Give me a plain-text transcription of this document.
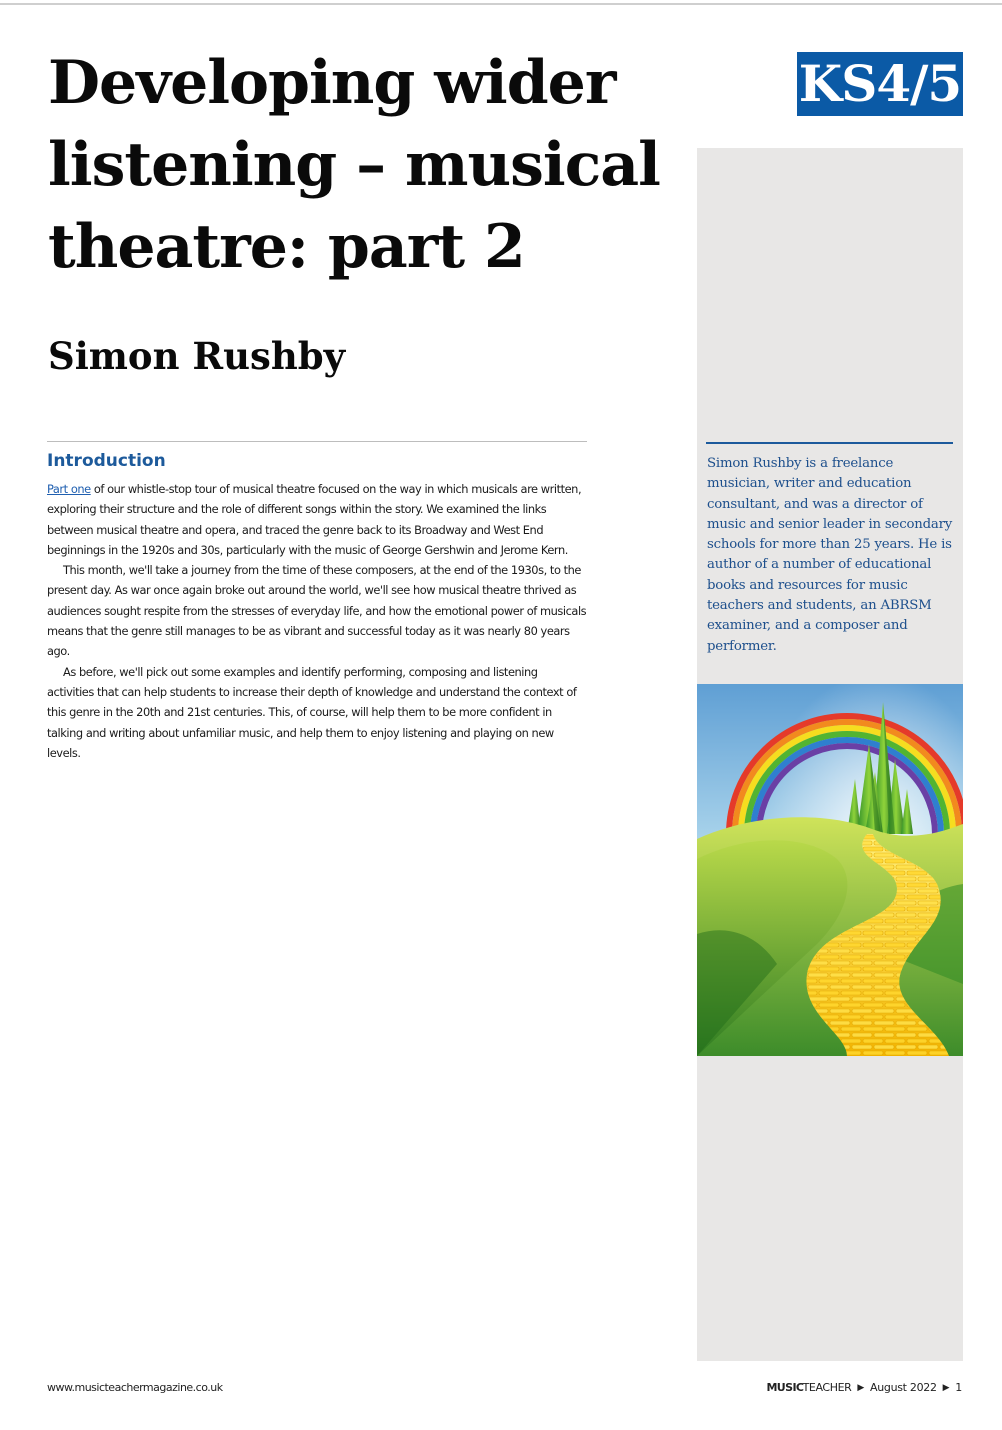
Developing wider listening – musical theatre: part 2
Simon Rushby
KS4/5

Simon Rushby is a freelance musician, writer and education consultant, and was a director of music and senior leader in secondary schools for more than 25 years. He is author of a number of educational books and resources for music teachers and students, an ABRSM examiner, and a composer and performer.

Introduction

Part one of our whistle-stop tour of musical theatre focused on the way in which musicals are written, exploring their structure and the role of different songs within the story. We examined the links between musical theatre and opera, and traced the genre back to its Broadway and West End beginnings in the 1920s and 30s, particularly with the music of George Gershwin and Jerome Kern.

This month, we'll take a journey from the time of these composers, at the end of the 1930s, to the present day. As war once again broke out around the world, we'll see how musical theatre thrived as audiences sought respite from the stresses of everyday life, and how the emotional power of musicals means that the genre still manages to be as vibrant and successful today as it was nearly 80 years ago.

As before, we'll pick out some examples and identify performing, composing and listening activities that can help students to increase their depth of knowledge and understand the context of this genre in the 20th and 21st centuries. This, of course, will help them to be more confident in talking and writing about unfamiliar music, and help them to enjoy listening and playing on new levels.

www.musicteachermagazine.co.uk	MUSIC TEACHER ▶ August 2022 ▶ 1
